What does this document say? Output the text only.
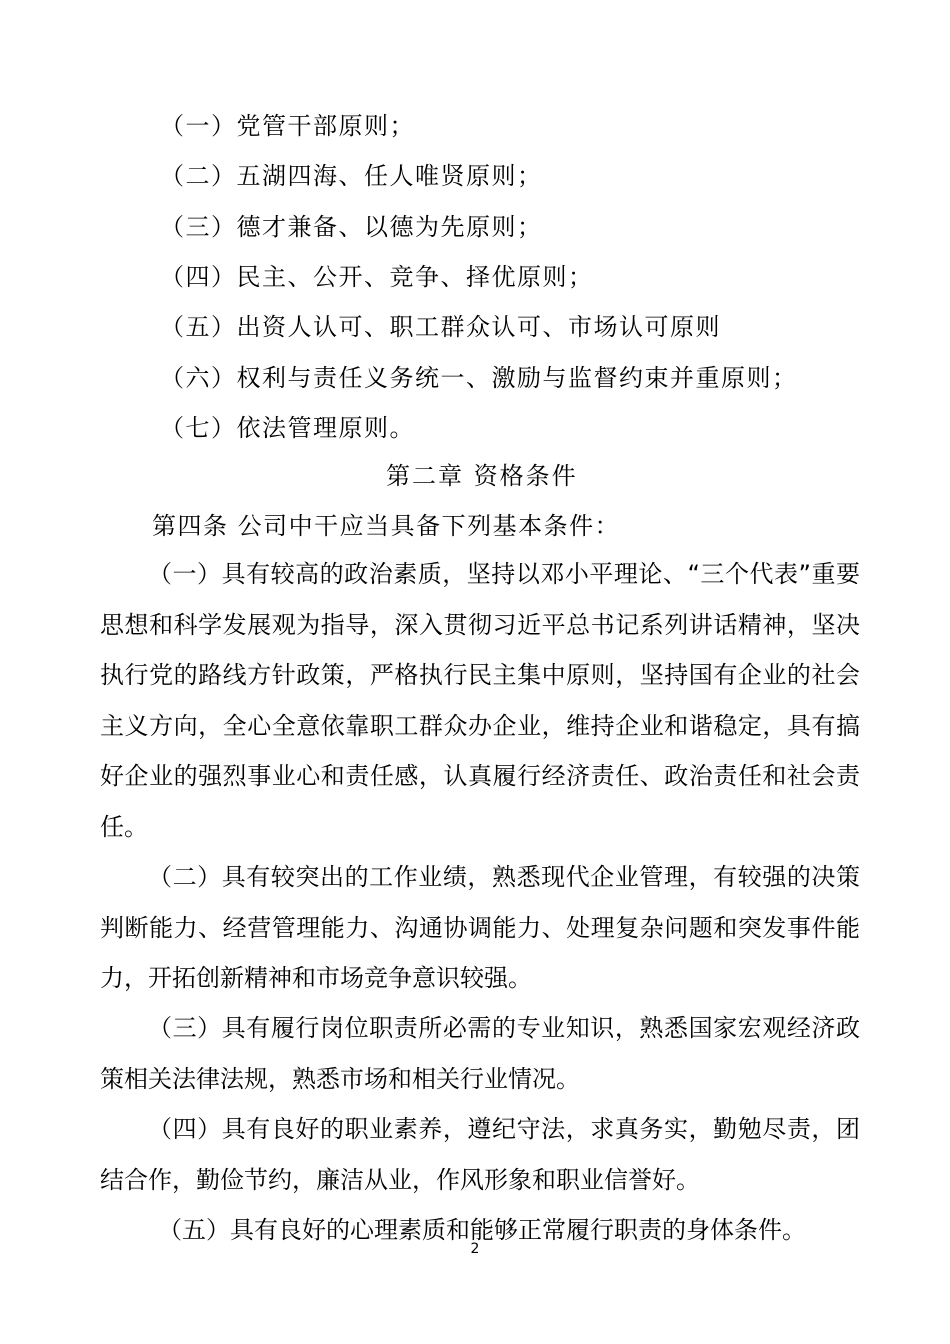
（一）党管干部原则；
（二）五湖四海、任人唯贤原则；
（三）德才兼备、以德为先原则；
（四）民主、公开、竞争、择优原则；
（五）出资人认可、职工群众认可、市场认可原则
（六）权利与责任义务统一、激励与监督约束并重原则；
（七）依法管理原则。
第二章 资格条件
第四条 公司中干应当具备下列基本条件：

（一）具有较高的政治素质，坚持以邓小平理论、“三个代表”重要思想和科学发展观为指导，深入贯彻习近平总书记系列讲话精神，坚决执行党的路线方针政策，严格执行民主集中原则，坚持国有企业的社会主义方向，全心全意依靠职工群众办企业，维持企业和谐稳定，具有搞好企业的强烈事业心和责任感，认真履行经济责任、政治责任和社会责任。

（二）具有较突出的工作业绩，熟悉现代企业管理，有较强的决策判断能力、经营管理能力、沟通协调能力、处理复杂问题和突发事件能力，开拓创新精神和市场竞争意识较强。

（三）具有履行岗位职责所必需的专业知识，熟悉国家宏观经济政策相关法律法规，熟悉市场和相关行业情况。

（四）具有良好的职业素养，遵纪守法，求真务实，勤勉尽责，团结合作，勤俭节约，廉洁从业，作风形象和职业信誉好。

（五）具有良好的心理素质和能够正常履行职责的身体条件。

2
